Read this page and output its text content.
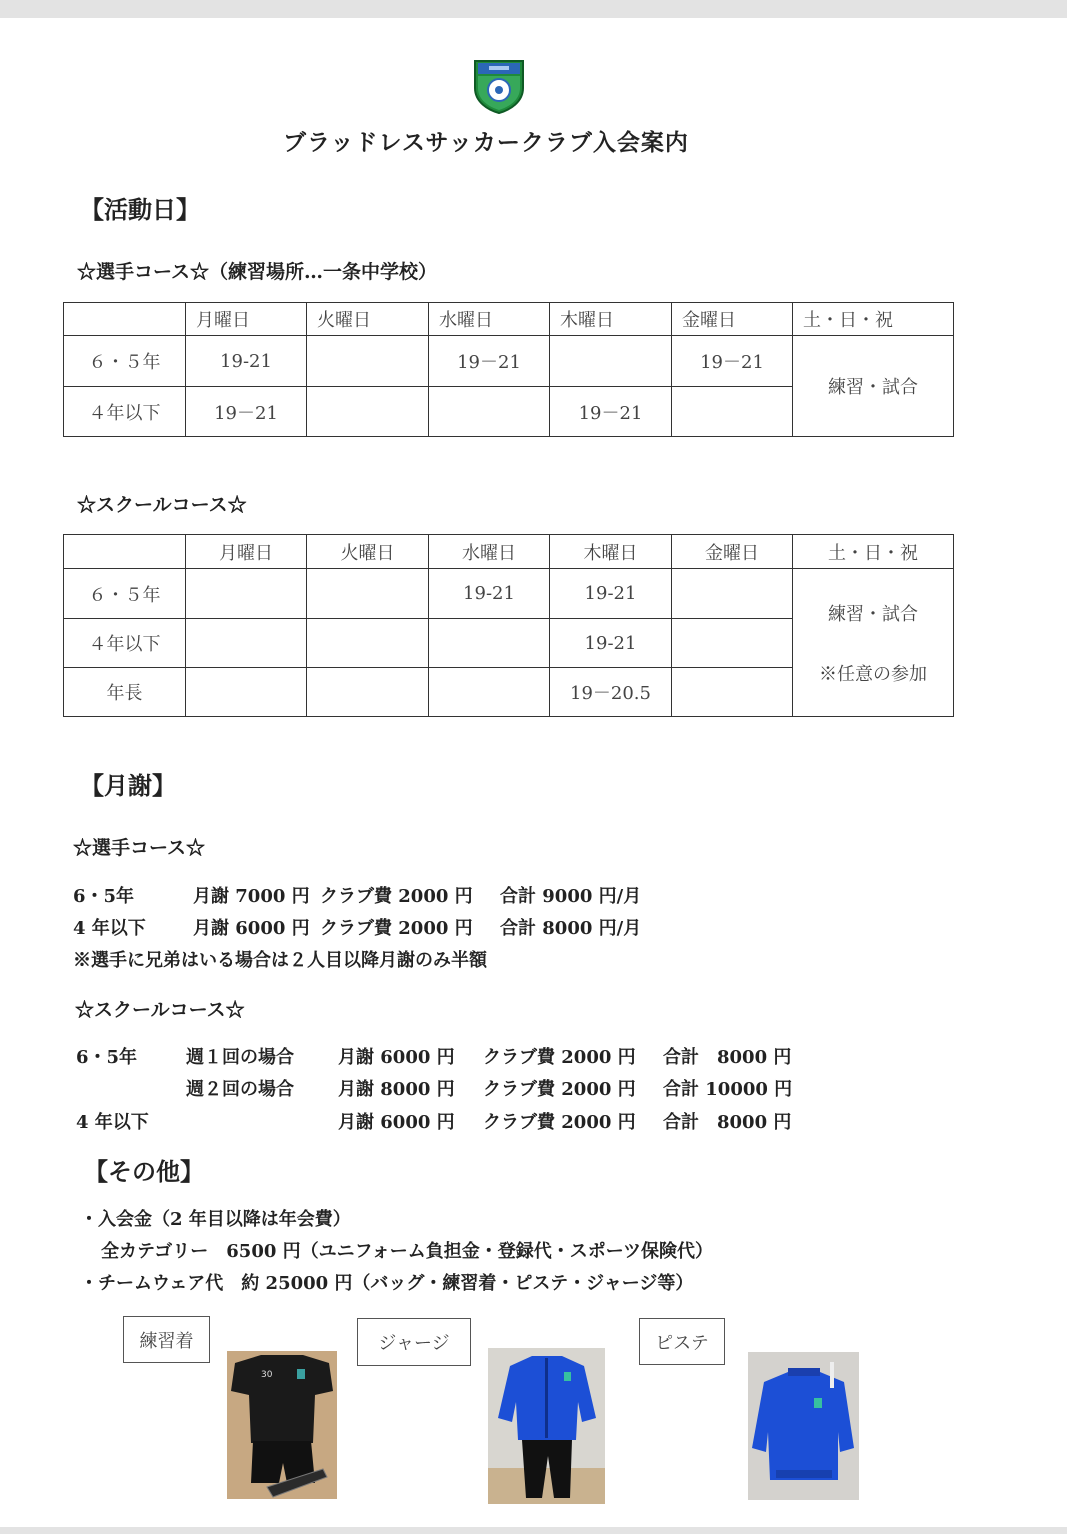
ブラッドレスサッカークラブ入会案内
【活動日】
☆選手コース☆（練習場所…一条中学校）
	月曜日	火曜日	水曜日	木曜日	金曜日	土・日・祝
６・５年	19‐21		19－21		19－21	練習・試合
４年以下	19－21			19－21		
☆スクールコース☆
	月曜日	火曜日	水曜日	木曜日	金曜日	土・日・祝
６・５年			19‐21	19‐21		練習・試合
※任意の参加

４年以下				19‐21		
年長				19－20.5		
【月謝】
☆選手コース☆
6・5年	月謝 7000 円 クラブ費 2000 円 合計 9000 円/月
4 年以下	月謝 6000 円 クラブ費 2000 円 合計 8000 円/月
※選手に兄弟はいる場合は２人目以降月謝のみ半額
☆スクールコース☆
6・5年	週１回の場合 月謝 6000 円 クラブ費 2000 円 合計　8000 円
週２回の場合 月謝 8000 円 クラブ費 2000 円 合計 10000 円
4 年以下	月謝 6000 円 クラブ費 2000 円 合計　8000 円
【その他】
・入会金（2 年目以降は年会費）
全カテゴリー　6500 円（ユニフォーム負担金・登録代・スポーツ保険代）
・チームウェア代　約 25000 円（バッグ・練習着・ピステ・ジャージ等）
練習着	ジャージ	ピステ
30
